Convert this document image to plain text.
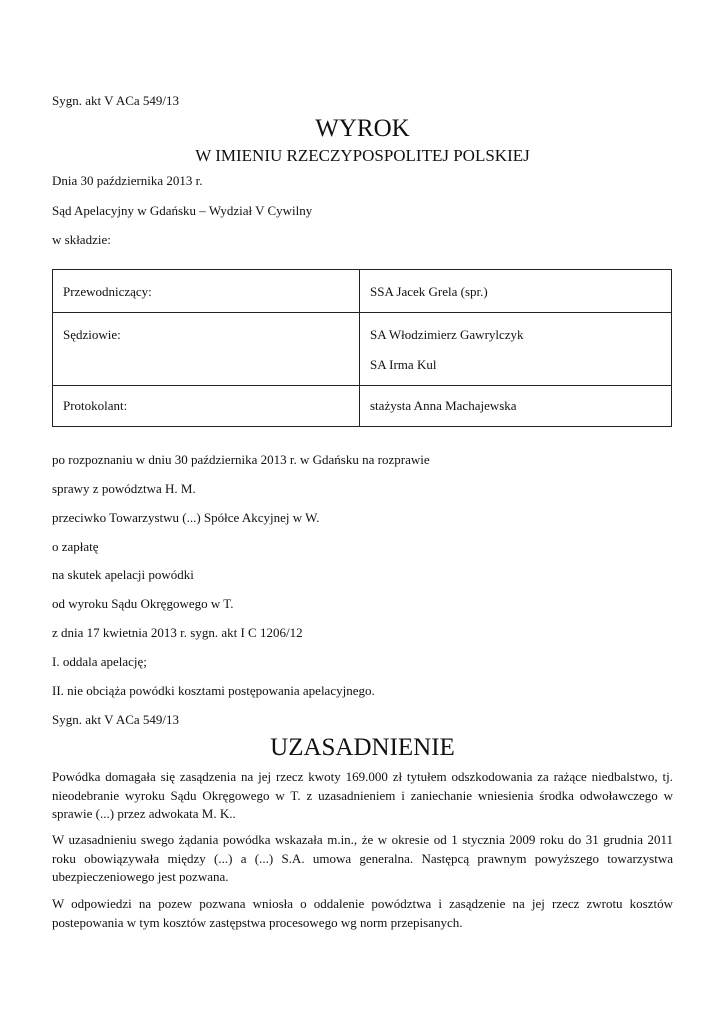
Sygn. akt V ACa 549/13
WYROK
W IMIENIU RZECZYPOSPOLITEJ POLSKIEJ
Dnia 30 października 2013 r.
Sąd Apelacyjny w Gdańsku – Wydział V Cywilny
w składzie:
Przewodniczący:	SSA Jacek Grela (spr.)

Sędziowie:	SA Włodzimierz Gawrylczyk
SA Irma Kul

Protokolant:	stażysta Anna Machajewska
po rozpoznaniu w dniu 30 października 2013 r. w Gdańsku na rozprawie
sprawy z powództwa H. M.
przeciwko Towarzystwu (...) Spółce Akcyjnej w W.
o zapłatę
na skutek apelacji powódki
od wyroku Sądu Okręgowego w T.
z dnia 17 kwietnia 2013 r. sygn. akt I C 1206/12
I. oddala apelację;
II. nie obciąża powódki kosztami postępowania apelacyjnego.
Sygn. akt V ACa 549/13
UZASADNIENIE
Powódka domagała się zasądzenia na jej rzecz kwoty 169.000 zł tytułem odszkodowania za rażące niedbalstwo, tj. nieodebranie wyroku Sądu Okręgowego w T. z uzasadnieniem i zaniechanie wniesienia środka odwoławczego w sprawie (...) przez adwokata M. K..
W uzasadnieniu swego żądania powódka wskazała m.in., że w okresie od 1 stycznia 2009 roku do 31 grudnia 2011 roku obowiązywała między (...) a (...) S.A. umowa generalna. Następcą prawnym powyższego towarzystwa ubezpieczeniowego jest pozwana.
W odpowiedzi na pozew pozwana wniosła o oddalenie powództwa i zasądzenie na jej rzecz zwrotu kosztów postepowania w tym kosztów zastępstwa procesowego wg norm przepisanych.
